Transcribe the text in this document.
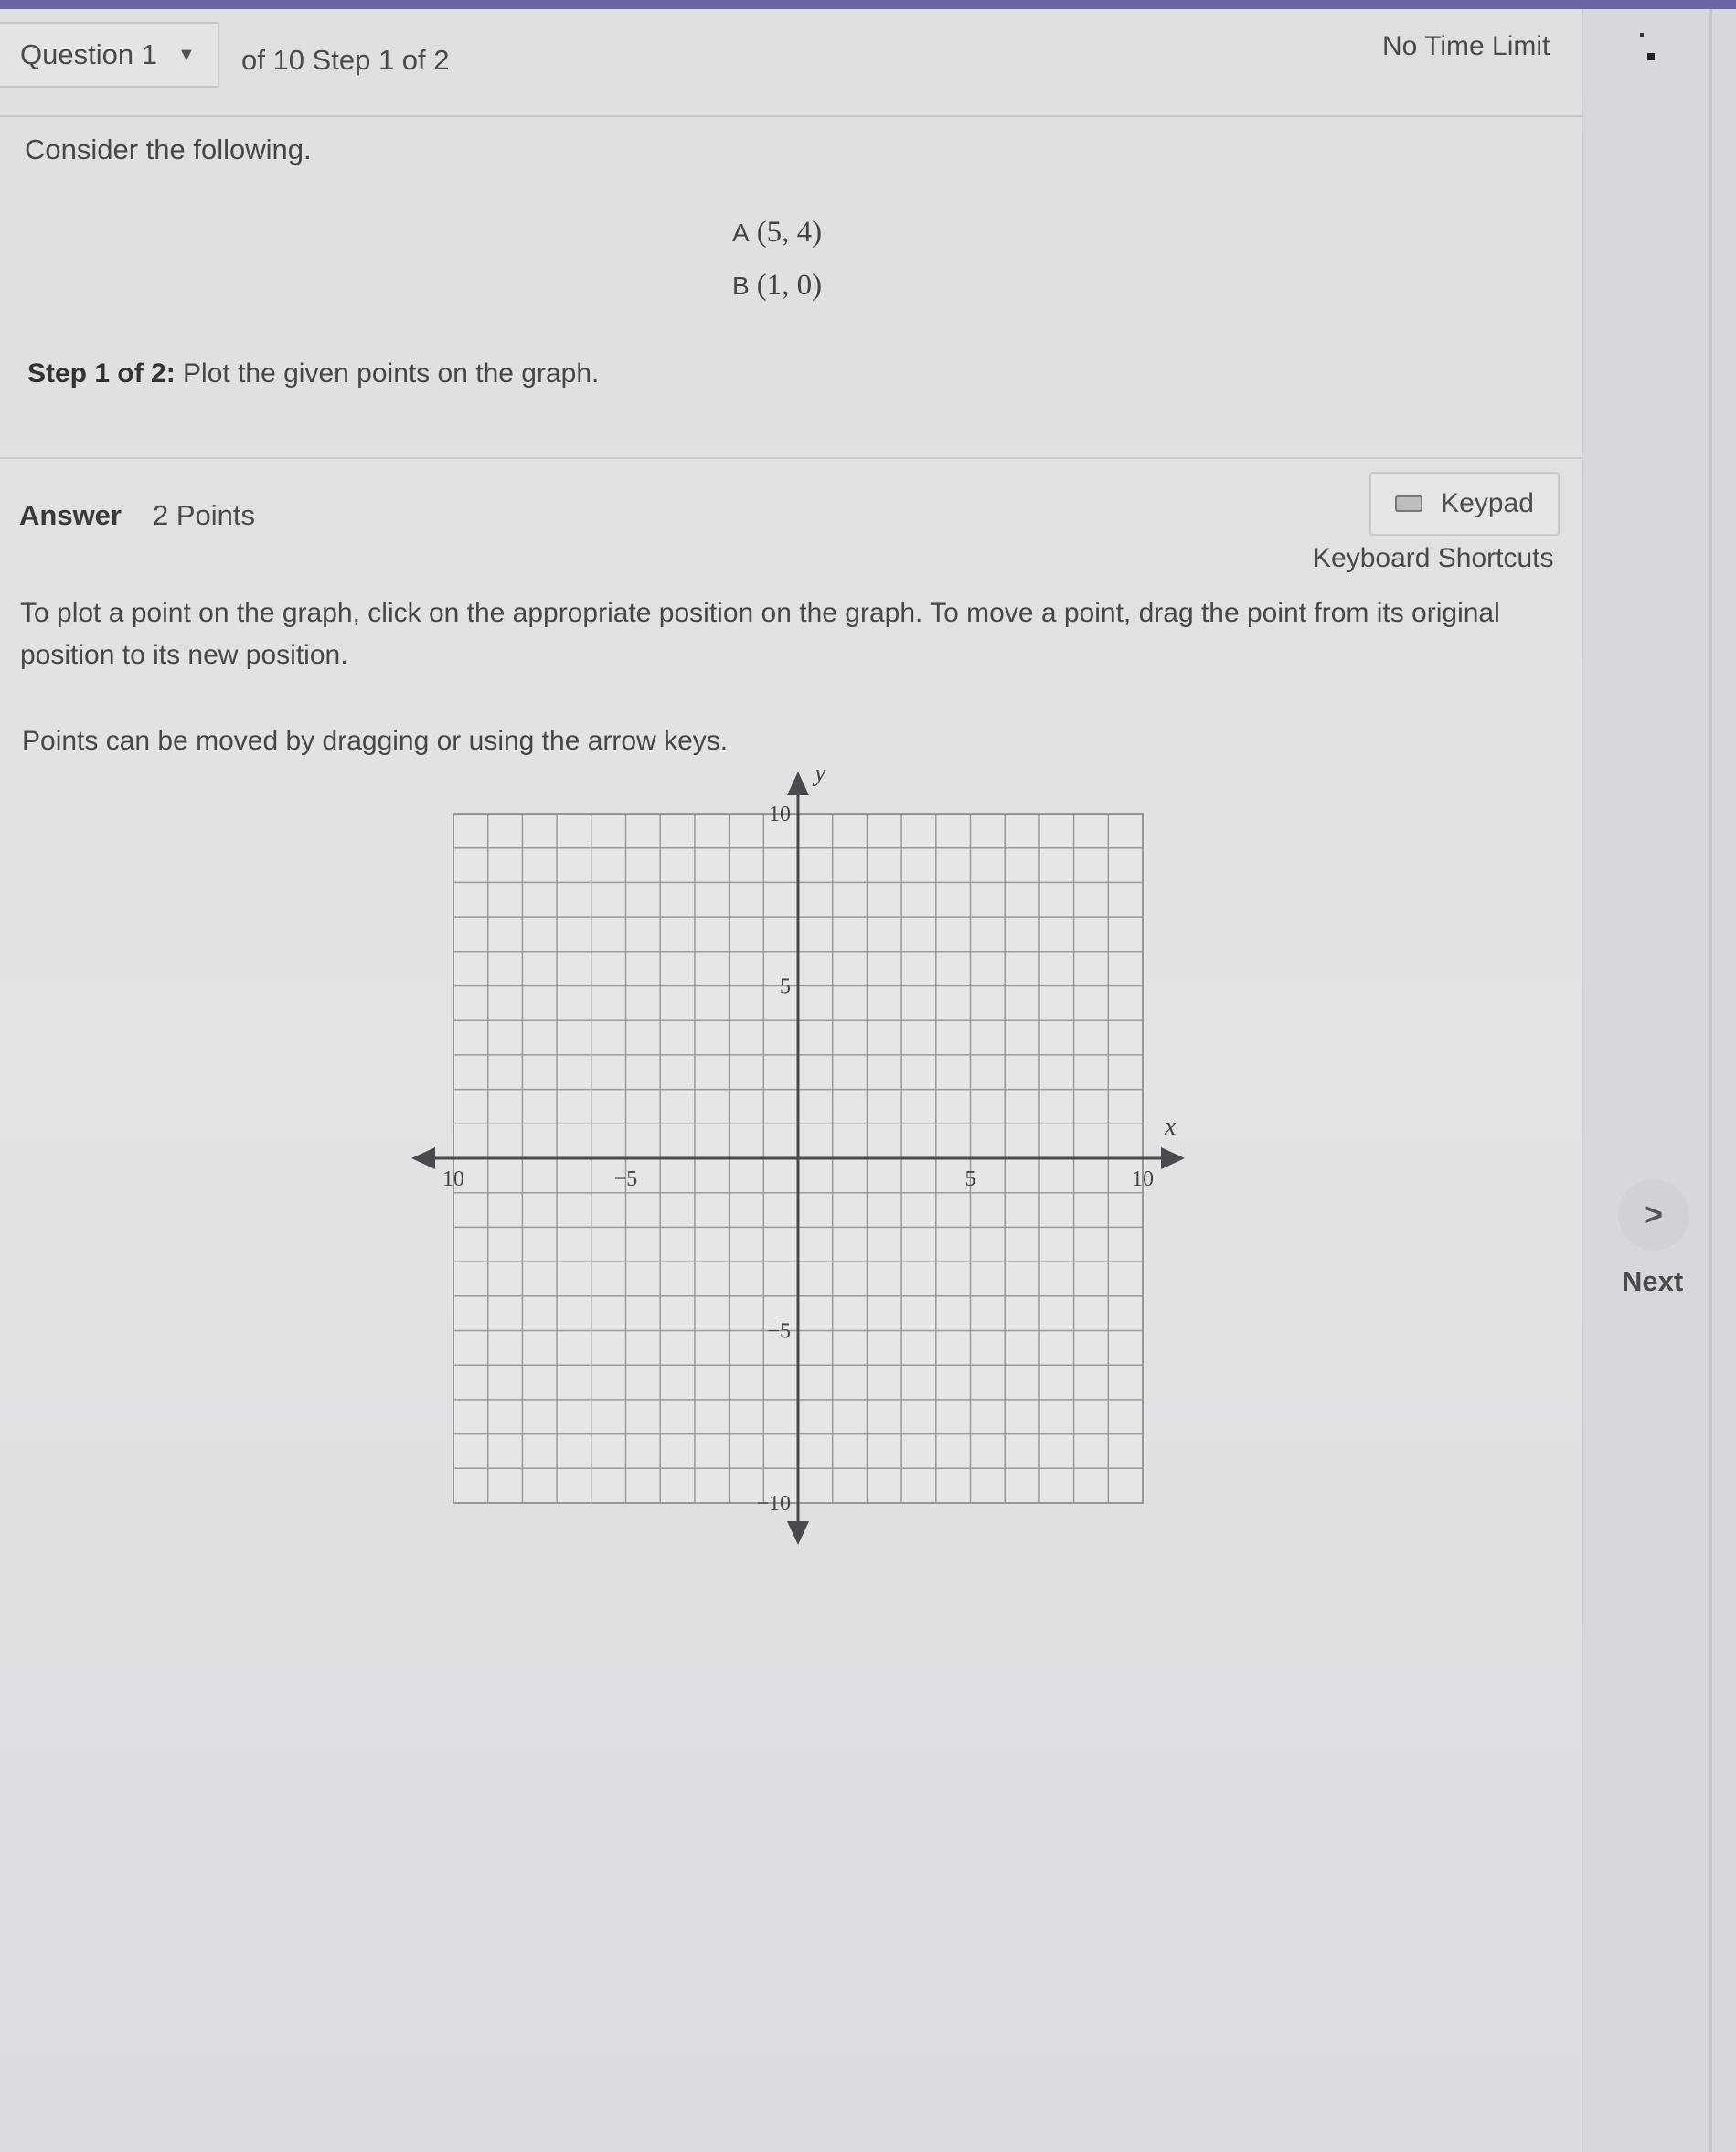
Question 1 ▼ of 10 Step 1 of 2	No Time Limit
Consider the following.
A (5, 4)
B (1, 0)
Step 1 of 2: Plot the given points on the graph.
Answer 2 Points	Keypad
Keyboard Shortcuts
To plot a point on the graph, click on the appropriate position on the graph. To move a point, drag the point from its original position to its new position.
Points can be moved by dragging or using the arrow keys.
x
y
10	−5	5	10
10
5
−5
−10
>
Next
